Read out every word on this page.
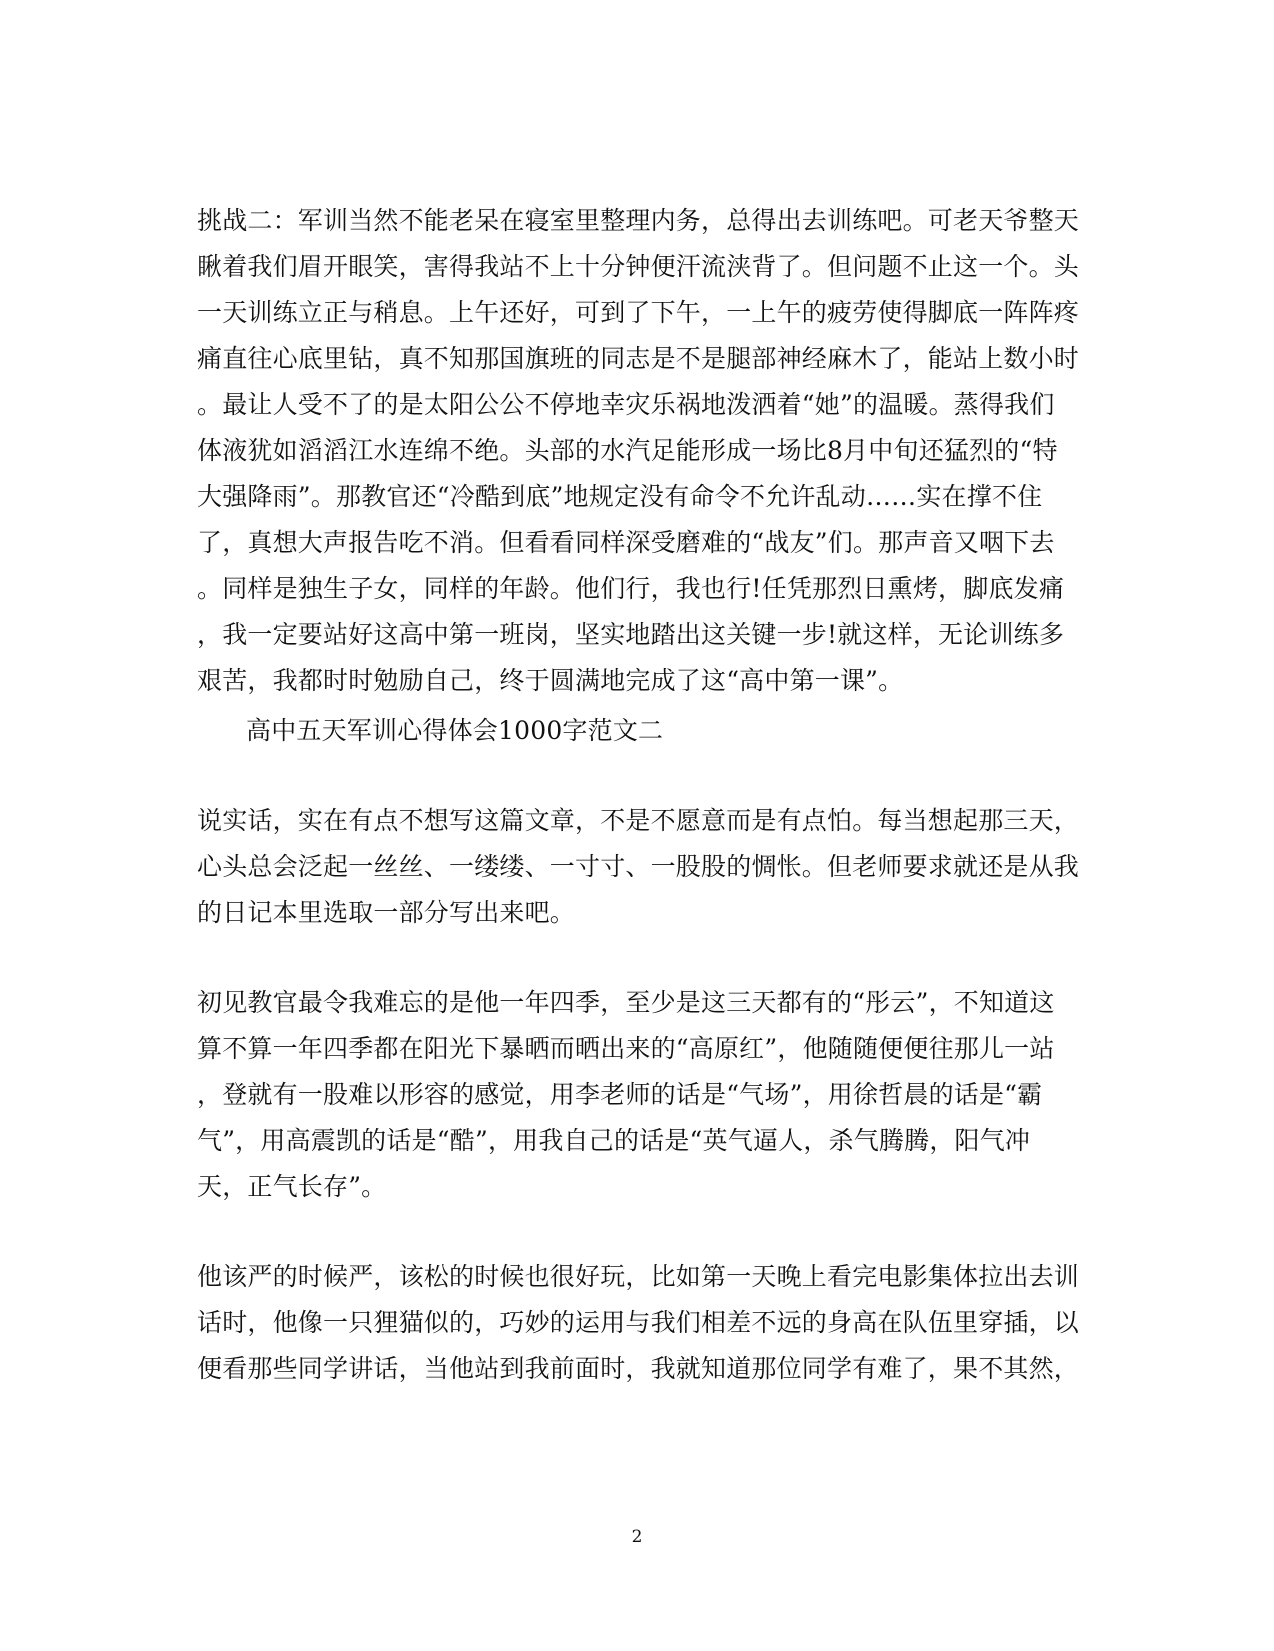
挑战二：军训当然不能老呆在寝室里整理内务，总得出去训练吧。可老天爷整天
瞅着我们眉开眼笑，害得我站不上十分钟便汗流浃背了。但问题不止这一个。头
一天训练立正与稍息。上午还好，可到了下午，一上午的疲劳使得脚底一阵阵疼
痛直往心底里钻，真不知那国旗班的同志是不是腿部神经麻木了，能站上数小时
。最让人受不了的是太阳公公不停地幸灾乐祸地泼洒着“她”的温暖。蒸得我们
体液犹如滔滔江水连绵不绝。头部的水汽足能形成一场比8月中旬还猛烈的“特
大强降雨”。那教官还“冷酷到底”地规定没有命令不允许乱动……实在撑不住
了，真想大声报告吃不消。但看看同样深受磨难的“战友”们。那声音又咽下去
。同样是独生子女，同样的年龄。他们行，我也行!任凭那烈日熏烤，脚底发痛
，我一定要站好这高中第一班岗，坚实地踏出这关键一步!就这样，无论训练多
艰苦，我都时时勉励自己，终于圆满地完成了这“高中第一课”。
高中五天军训心得体会1000字范文二
说实话，实在有点不想写这篇文章，不是不愿意而是有点怕。每当想起那三天，
心头总会泛起一丝丝、一缕缕、一寸寸、一股股的惆怅。但老师要求就还是从我
的日记本里选取一部分写出来吧。
初见教官最令我难忘的是他一年四季，至少是这三天都有的“彤云”，不知道这
算不算一年四季都在阳光下暴晒而晒出来的“高原红”，他随随便便往那儿一站
，登就有一股难以形容的感觉，用李老师的话是“气场”，用徐哲晨的话是“霸
气”，用高震凯的话是“酷”，用我自己的话是“英气逼人，杀气腾腾，阳气冲
天，正气长存”。
他该严的时候严，该松的时候也很好玩，比如第一天晚上看完电影集体拉出去训
话时，他像一只狸猫似的，巧妙的运用与我们相差不远的身高在队伍里穿插，以
便看那些同学讲话，当他站到我前面时，我就知道那位同学有难了，果不其然，
2
